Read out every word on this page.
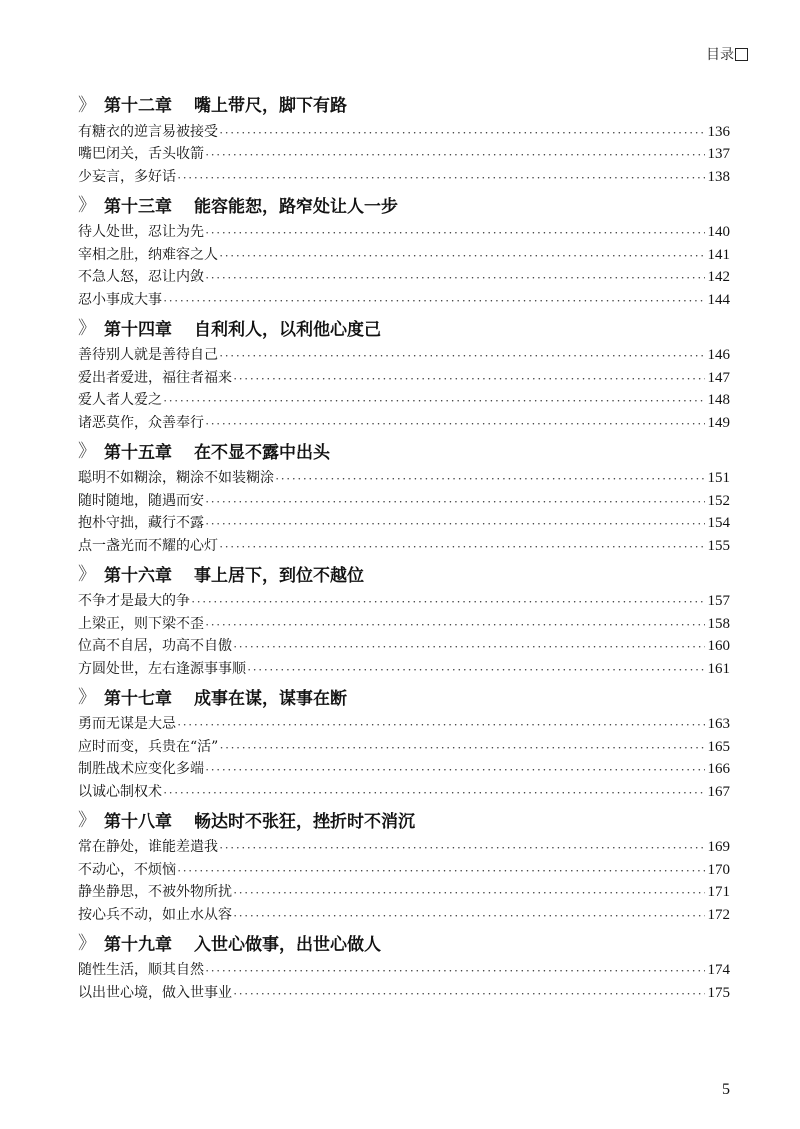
目录
》 第十二章 嘴上带尺，脚下有路
有糖衣的逆言易被接受 ·····	136
嘴巴闭关，舌头收箭 ·····	137
少妄言，多好话 ·····	138
》 第十三章 能容能恕，路窄处让人一步
待人处世，忍让为先 ·····	140
宰相之肚，纳难容之人 ·····	141
不急人怒，忍让内敛 ·····	142
忍小事成大事 ·····	144
》 第十四章 自利利人，以利他心度己
善待别人就是善待自己 ·····	146
爱出者爱进，福往者福来 ·····	147
爱人者人爱之 ·····	148
诸恶莫作，众善奉行 ·····	149
》 第十五章 在不显不露中出头
聪明不如糊涂，糊涂不如装糊涂 ·····	151
随时随地，随遇而安 ·····	152
抱朴守拙，藏行不露 ·····	154
点一盏光而不耀的心灯 ·····	155
》 第十六章 事上居下，到位不越位
不争才是最大的争 ·····	157
上梁正，则下梁不歪 ·····	158
位高不自居，功高不自傲 ·····	160
方圆处世，左右逢源事事顺 ·····	161
》 第十七章 成事在谋，谋事在断
勇而无谋是大忌 ·····	163
应时而变，兵贵在“活” ·····	165
制胜战术应变化多端 ·····	166
以诚心制权术 ·····	167
》 第十八章 畅达时不张狂，挫折时不消沉
常在静处，谁能差遣我 ·····	169
不动心，不烦恼 ·····	170
静坐静思，不被外物所扰 ·····	171
按心兵不动，如止水从容 ·····	172
》 第十九章 入世心做事，出世心做人
随性生活，顺其自然 ·····	174
以出世心境，做入世事业 ·····	175
5
